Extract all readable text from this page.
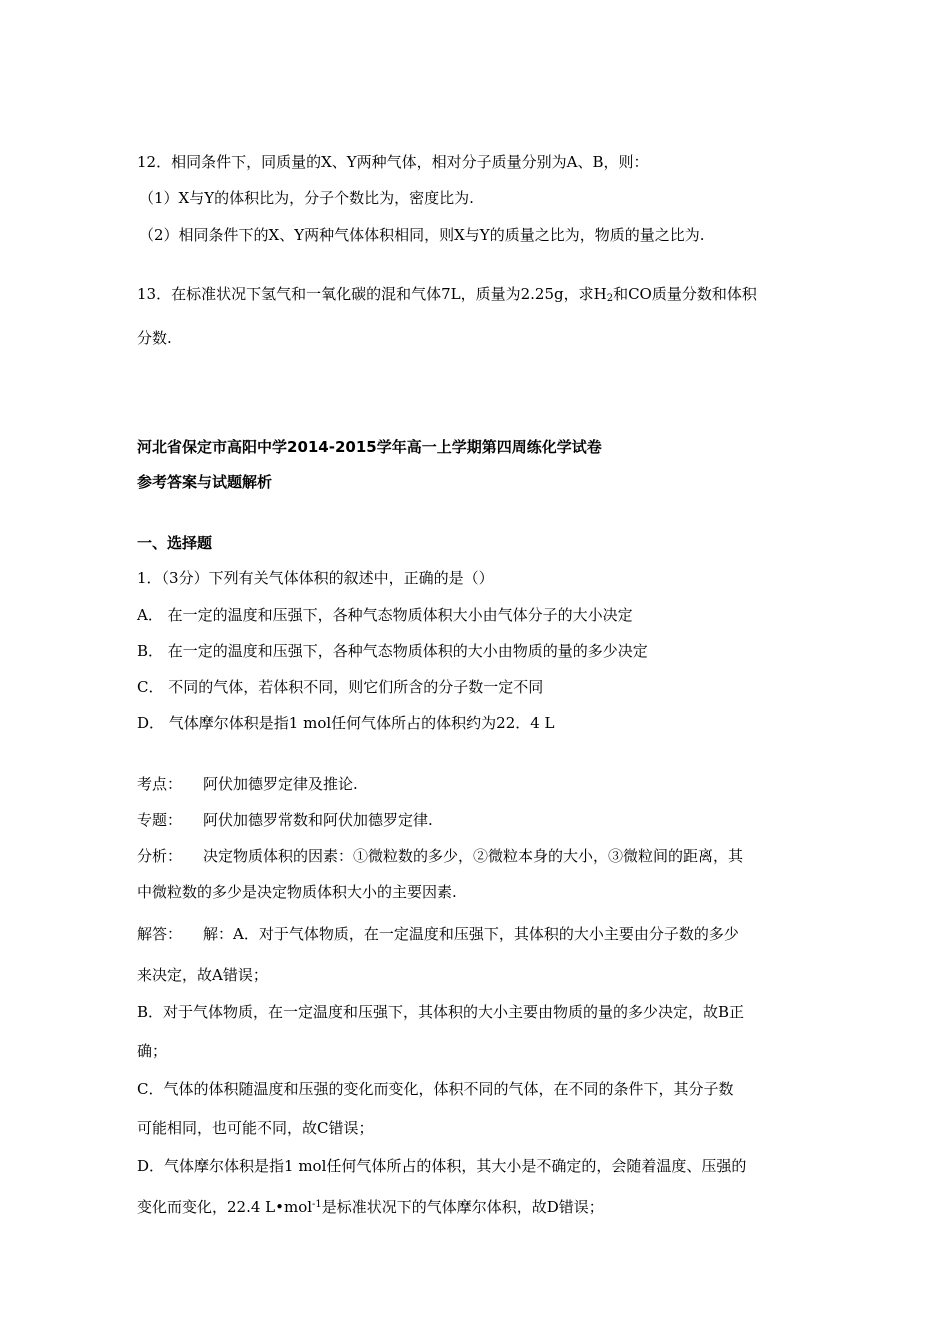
12．相同条件下，同质量的X、Y两种气体，相对分子质量分别为A、B，则：
（1）X与Y的体积比为，分子个数比为，密度比为.
（2）相同条件下的X、Y两种气体体积相同，则X与Y的质量之比为，物质的量之比为.
13．在标准状况下氢气和一氧化碳的混和气体7L，质量为2.25g，求$H_2$和CO质量分数和体积
分数.
河北省保定市高阳中学2014-2015学年高一上学期第四周练化学试卷
参考答案与试题解析
一、选择题
1．（3分）下列有关气体体积的叙述中，正确的是（）
A． 在一定的温度和压强下，各种气态物质体积大小由气体分子的大小决定
B． 在一定的温度和压强下，各种气态物质体积的大小由物质的量的多少决定
C． 不同的气体，若体积不同，则它们所含的分子数一定不同
D． 气体摩尔体积是指1 mol任何气体所占的体积约为22．4 L
考点： 阿伏加德罗定律及推论.
专题： 阿伏加德罗常数和阿伏加德罗定律.
分析： 决定物质体积的因素：①微粒数的多少，②微粒本身的大小，③微粒间的距离，其
中微粒数的多少是决定物质体积大小的主要因素.
解答： 解：A．对于气体物质，在一定温度和压强下，其体积的大小主要由分子数的多少
来决定，故A错误；
B．对于气体物质，在一定温度和压强下，其体积的大小主要由物质的量的多少决定，故B正
确；
C．气体的体积随温度和压强的变化而变化，体积不同的气体，在不同的条件下，其分子数
可能相同，也可能不同，故C错误；
D．气体摩尔体积是指1 mol任何气体所占的体积，其大小是不确定的，会随着温度、压强的
变化而变化，22.4 L•mol$^{-1}$是标准状况下的气体摩尔体积，故D错误；
